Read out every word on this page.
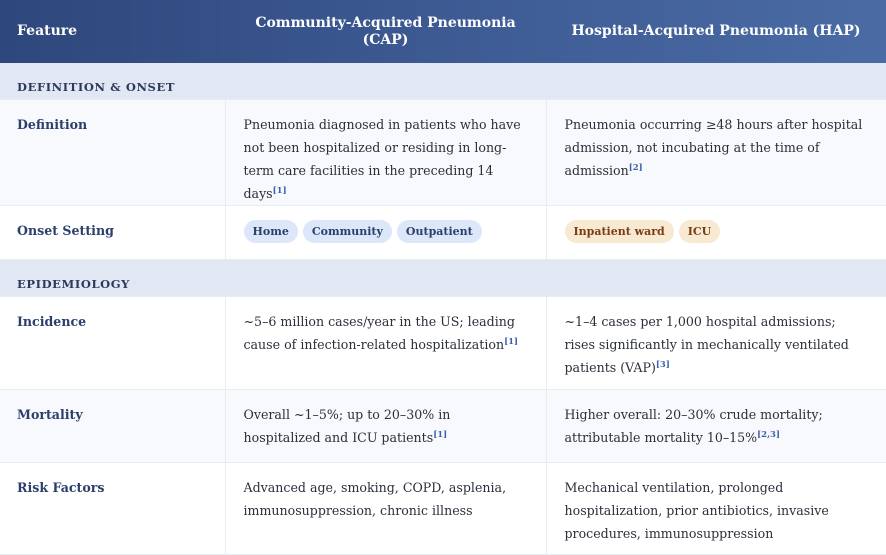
Feature	Community-Acquired Pneumonia (CAP)	Hospital-Acquired Pneumonia (HAP)
DEFINITION & ONSET		
Definition	Pneumonia diagnosed in patients who have not been hospitalized or residing in long-term care facilities in the preceding 14 days[1]	Pneumonia occurring ≥48 hours after hospital admission, not incubating at the time of admission[2]
Onset Setting	Home Community Outpatient	Inpatient ward ICU
EPIDEMIOLOGY		
Incidence	~5–6 million cases/year in the US; leading cause of infection-related hospitalization[1]	~1–4 cases per 1,000 hospital admissions; rises significantly in mechanically ventilated patients (VAP)[3]
Mortality	Overall ~1–5%; up to 20–30% in hospitalized and ICU patients[1]	Higher overall: 20–30% crude mortality; attributable mortality 10–15%[2,3]
Risk Factors	Advanced age, smoking, COPD, asplenia, immunosuppression, chronic illness	Mechanical ventilation, prolonged hospitalization, prior antibiotics, invasive procedures, immunosuppression
